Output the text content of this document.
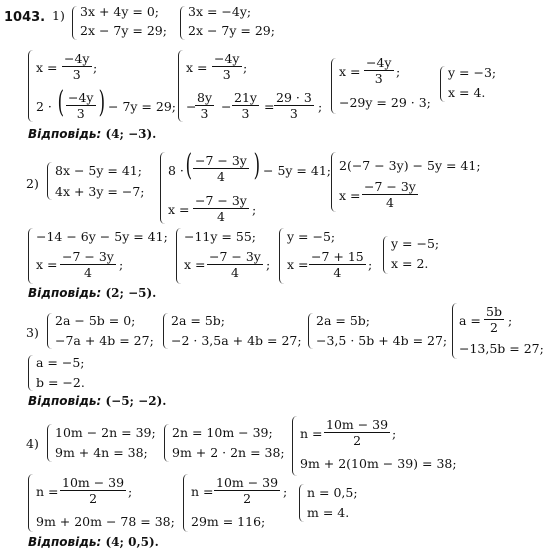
1043. 1) 3x + 4y = 0;
2x − 7y = 29;
3x = −4y;
2x − 7y = 29;
$x = \frac{-4y}{3}$ ;
2 · ( $\frac{-4y}{3}$ ) − 7y = 29;
$x = \frac{-4y}{3}$ ;
−
$\frac{8y}{3} - \frac{21y}{3} = \frac{29 \cdot 3}{3}$ ;
$x = \frac{-4y}{3}$ ;
−29y = 29 · 3;
y = −3;
x = 4.
Відповідь: (4; −3).
2)
8x − 5y = 41;
4x + 3y = −7;
8 · ( $\frac{-7 - 3y}{4}$ ) − 5y = 41;
$x = \frac{-7 - 3y}{4}$ ;
2(−7 − 3y) − 5y = 41;
$x = \frac{-7 - 3y}{4}$
−14 − 6y − 5y = 41;
$x = \frac{-7 - 3y}{4}$ ;
−11y = 55;
$x = \frac{-7 - 3y}{4}$ ;
y = −5;
$x = \frac{-7 + 15}{4}$ ;
y = −5;
x = 2.
Відповідь: (2; −5).
3)
2a − 5b = 0;
−7a + 4b = 27;
2a = 5b;
−2 · 3,5a + 4b = 27;
2a = 5b;
−3,5 · 5b + 4b = 27;
$a = \frac{5b}{2}$ ;
−13,5b = 27;
a = −5;
b = −2.
Відповідь: (−5; −2).
4)
10m − 2n = 39;
9m + 4n = 38;
2n = 10m − 39;
9m + 2 · 2n = 38;
$n = \frac{10m - 39}{2}$ ;
9m + 2(10m − 39) = 38;
$n = \frac{10m - 39}{2}$ ;
9m + 20m − 78 = 38;
$n = \frac{10m - 39}{2}$ ;
29m = 116;
n = 0,5;
m = 4.
Відповідь: (4; 0,5).
